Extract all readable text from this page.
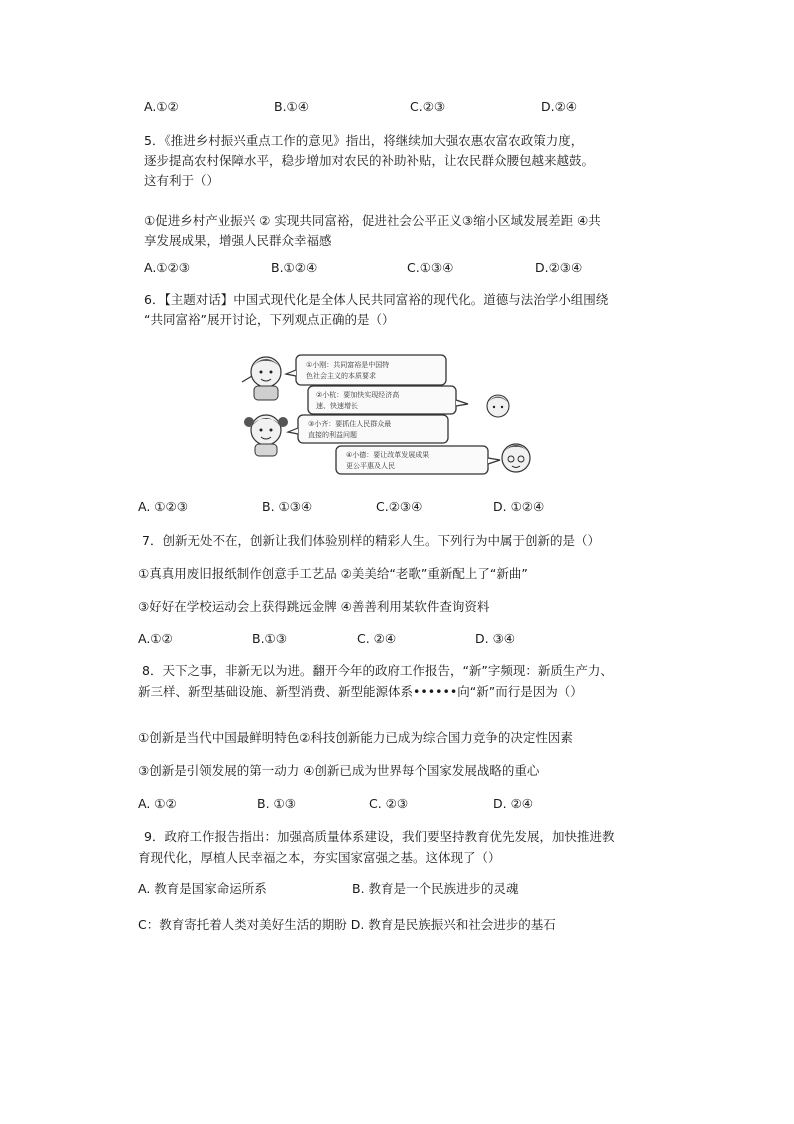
A.①②	B.①④	C.②③	D.②④
5．《推进乡村振兴重点工作的意见》指出，将继续加大强农惠农富农政策力度，
逐步提高农村保障水平，稳步增加对农民的补助补贴，让农民群众腰包越来越鼓。
这有利于（）
①促进乡村产业振兴 ② 实现共同富裕，促进社会公平正义③缩小区域发展差距 ④共
享发展成果，增强人民群众幸福感
A.①②③	B.①②④	C.①③④	D.②③④
6．【主题对话】中国式现代化是全体人民共同富裕的现代化。道德与法治学小组围绕
“共同富裕”展开讨论，下列观点正确的是（）
①小刚：共同富裕是中国特
色社会主义的本质要求
②小杭：要加快实现经济高
速、快速增长
③小齐：要抓住人民群众最
直接的利益问题
④小德：要让改革发展成果
更公平惠及人民
A. ①②③	B. ①③④	C.②③④	D. ①②④
7．创新无处不在，创新让我们体验别样的精彩人生。下列行为中属于创新的是（）
①真真用废旧报纸制作创意手工艺品 ②美美给“老歌”重新配上了“新曲”
③好好在学校运动会上获得跳远金牌 ④善善利用某软件查询资料
A.①②	B.①③	C. ②④	D. ③④
8．天下之事，非新无以为进。翻开今年的政府工作报告，“新”字频现：新质生产力、
新三样、新型基础设施、新型消费、新型能源体系••••••向“新”而行是因为（）
①创新是当代中国最鲜明特色②科技创新能力已成为综合国力竞争的决定性因素
③创新是引领发展的第一动力 ④创新已成为世界每个国家发展战略的重心
A. ①②	B. ①③	C. ②③	D. ②④
9．政府工作报告指出：加强高质量体系建设，我们要坚持教育优先发展，加快推进教
育现代化，厚植人民幸福之本，夯实国家富强之基。这体现了（）
A. 教育是国家命运所系	B. 教育是一个民族进步的灵魂
C：教育寄托着人类对美好生活的期盼 D. 教育是民族振兴和社会进步的基石
